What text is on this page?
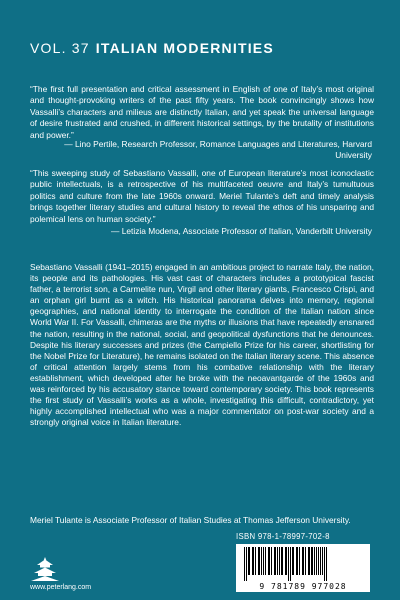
VOL. 37 ITALIAN MODERNITIES

“The first full presentation and critical assessment in English of one of Italy’s most original and thought-provoking writers of the past fifty years. The book convincingly shows how Vassalli’s characters and milieus are distinctly Italian, and yet speak the universal language of desire frustrated and crushed, in different historical settings, by the brutality of institutions and power.”

— Lino Pertile, Research Professor, Romance Languages and Literatures, Harvard University

“This sweeping study of Sebastiano Vassalli, one of European literature’s most iconoclastic public intellectuals, is a retrospective of his multifaceted oeuvre and Italy’s tumultuous politics and culture from the late 1960s onward. Meriel Tulante’s deft and timely analysis brings together literary studies and cultural history to reveal the ethos of his unsparing and polemical lens on human society.”

— Letizia Modena, Associate Professor of Italian, Vanderbilt University

Sebastiano Vassalli (1941–2015) engaged in an ambitious project to narrate Italy, the nation, its people and its pathologies. His vast cast of characters includes a prototypical fascist father, a terrorist son, a Carmelite nun, Virgil and other literary giants, Francesco Crispi, and an orphan girl burnt as a witch. His historical panorama delves into memory, regional geographies, and national identity to interrogate the condition of the Italian nation since World War II. For Vassalli, chimeras are the myths or illusions that have repeatedly ensnared the nation, resulting in the national, social, and geopolitical dysfunctions that he denounces. Despite his literary successes and prizes (the Campiello Prize for his career, shortlisting for the Nobel Prize for Literature), he remains isolated on the Italian literary scene. This absence of critical attention largely stems from his combative relationship with the literary establishment, which developed after he broke with the neoavantgarde of the 1960s and was reinforced by his accusatory stance toward contemporary society. This book represents the first study of Vassalli’s works as a whole, investigating this difficult, contradictory, yet highly accomplished intellectual who was a major commentator on post-war society and a strongly original voice in Italian literature.

Meriel Tulante is Associate Professor of Italian Studies at Thomas Jefferson University.

www.peterlang.com
ISBN 978-1-78997-702-8
9 781789 977028
